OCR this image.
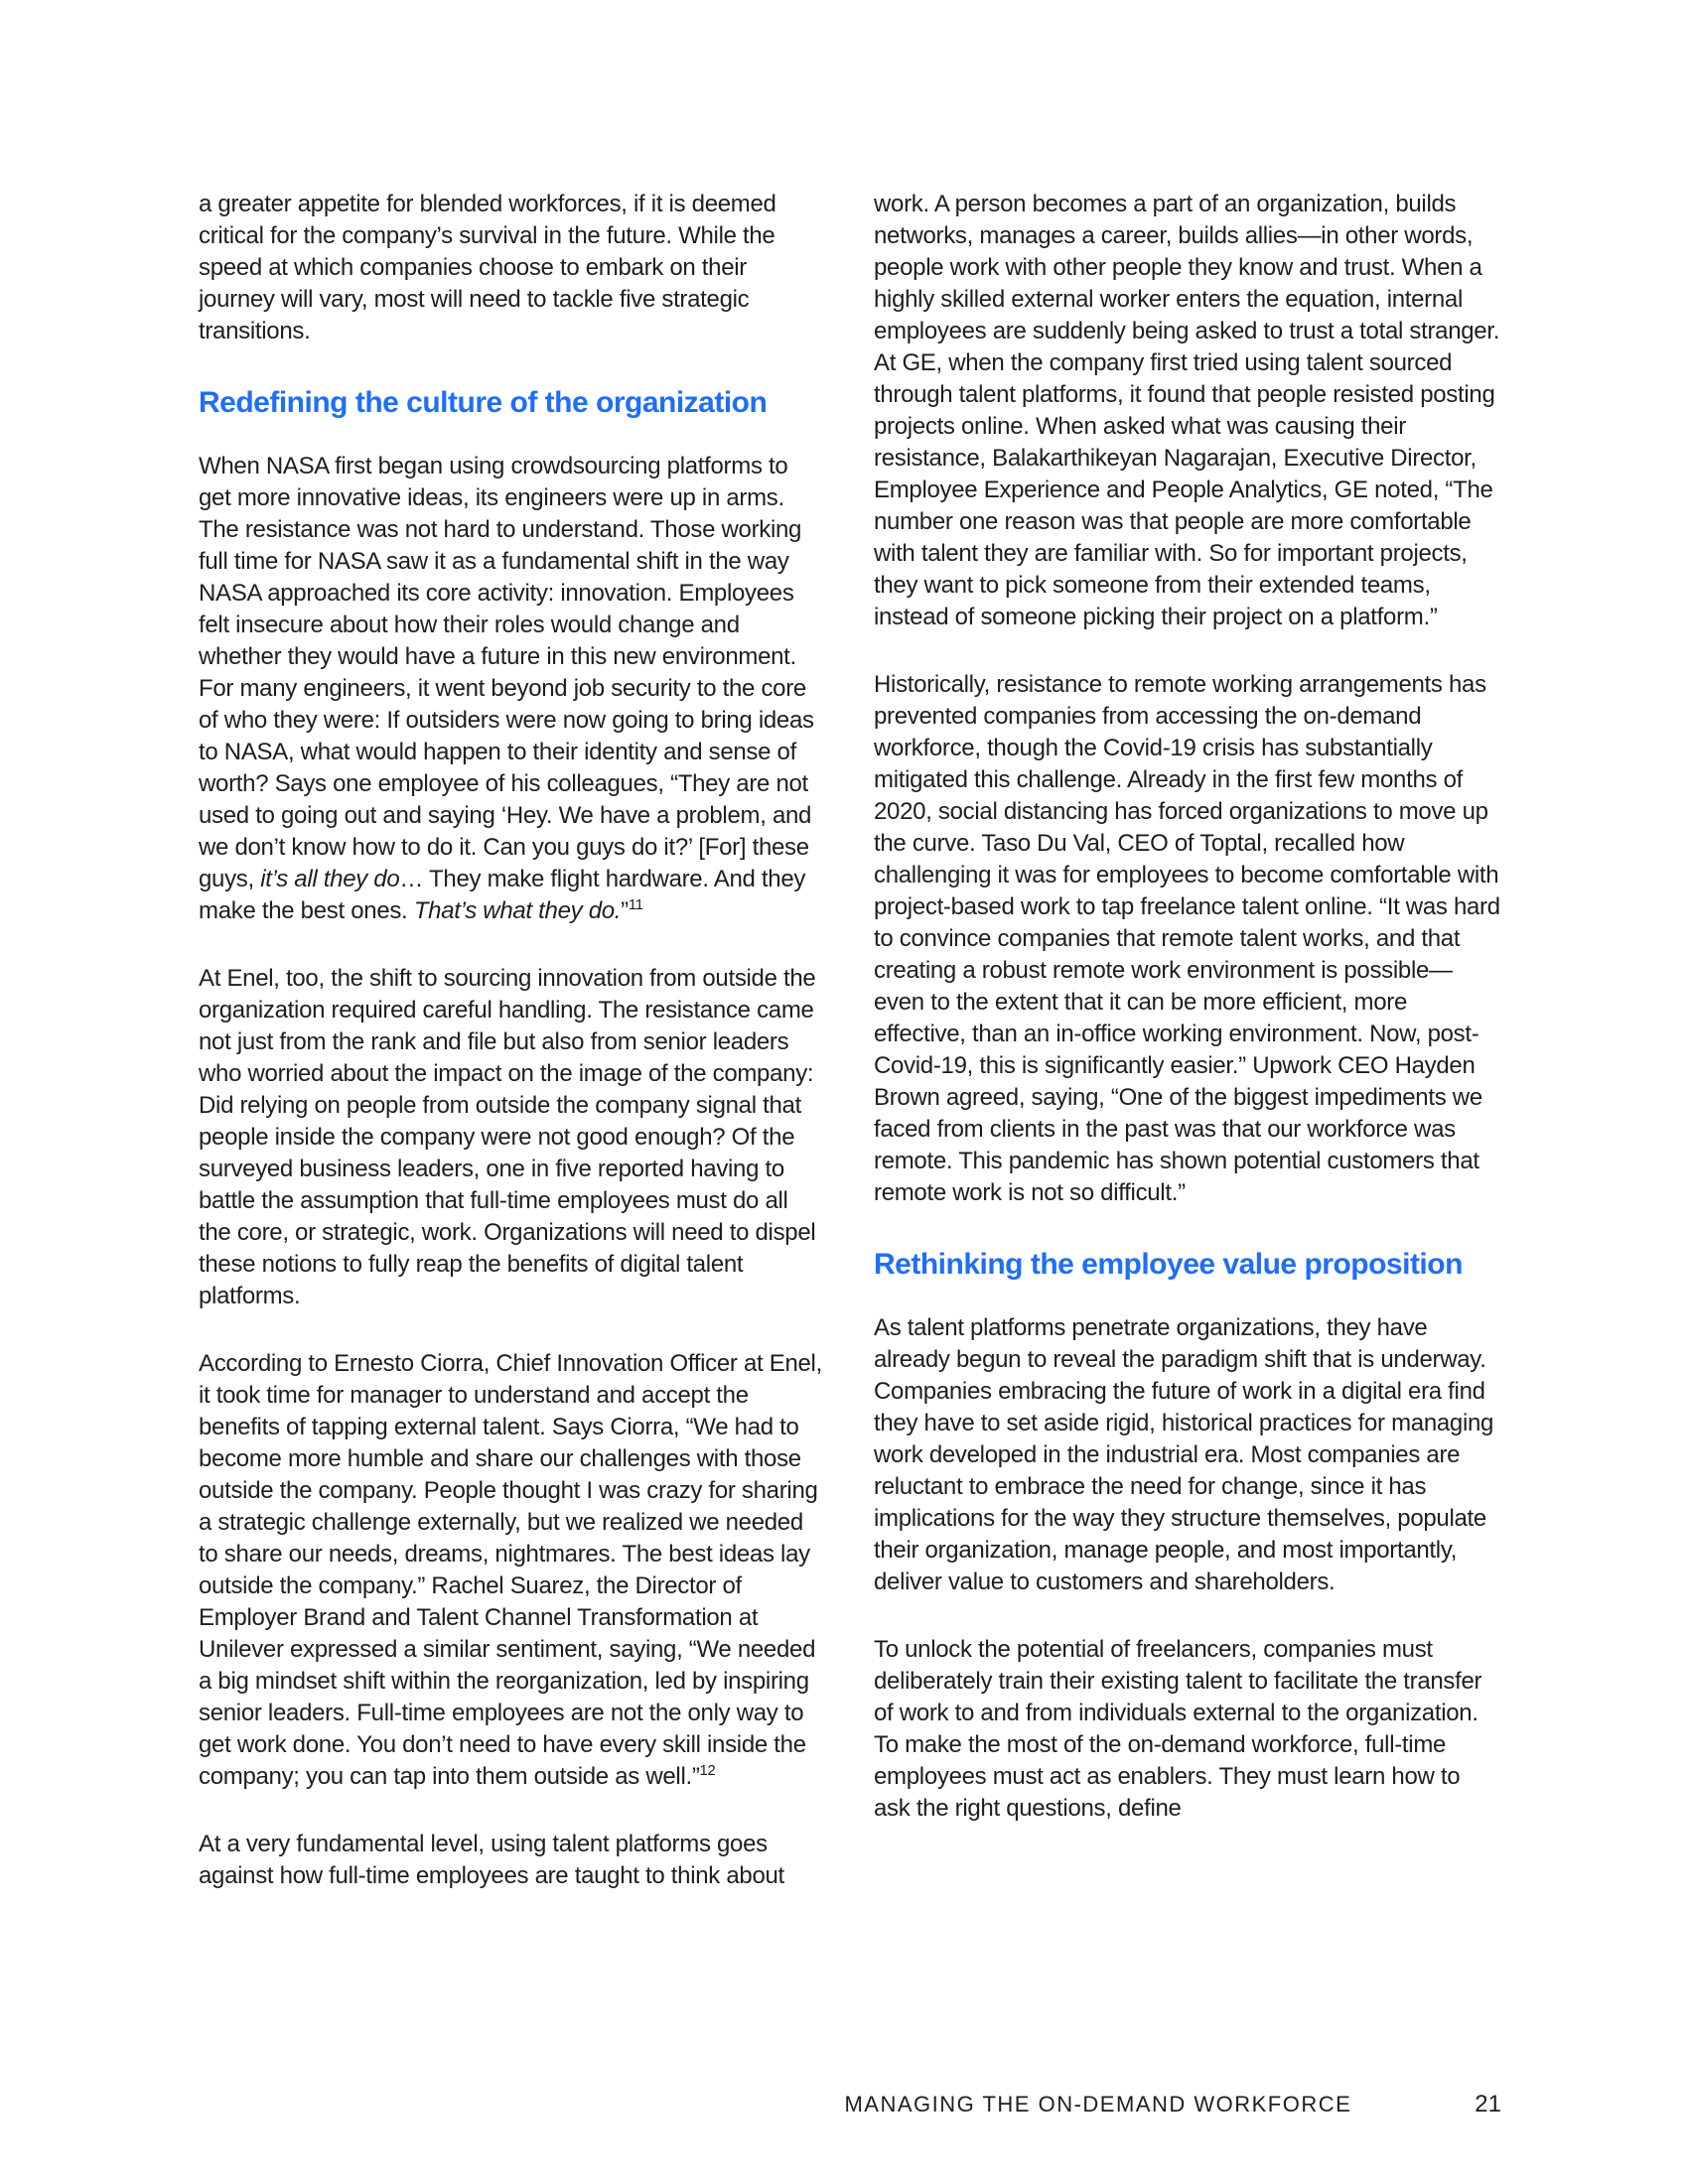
a greater appetite for blended workforces, if it is deemed critical for the company’s survival in the future. While the speed at which companies choose to embark on their journey will vary, most will need to tackle five strategic transitions.

Redefining the culture of the organization

When NASA first began using crowdsourcing platforms to get more innovative ideas, its engineers were up in arms. The resistance was not hard to understand. Those working full time for NASA saw it as a fundamental shift in the way NASA approached its core activity: innovation. Employees felt insecure about how their roles would change and whether they would have a future in this new environment. For many engineers, it went beyond job security to the core of who they were: If outsiders were now going to bring ideas to NASA, what would happen to their identity and sense of worth? Says one employee of his colleagues, “They are not used to going out and saying ‘Hey. We have a problem, and we don’t know how to do it. Can you guys do it?’ [For] these guys, it’s all they do… They make flight hardware. And they make the best ones. That’s what they do.”$^{11}$

At Enel, too, the shift to sourcing innovation from outside the organization required careful handling. The resistance came not just from the rank and file but also from senior leaders who worried about the impact on the image of the company: Did relying on people from outside the company signal that people inside the company were not good enough? Of the surveyed business leaders, one in five reported having to battle the assumption that full-time employees must do all the core, or strategic, work. Organizations will need to dispel these notions to fully reap the benefits of digital talent platforms.

According to Ernesto Ciorra, Chief Innovation Officer at Enel, it took time for manager to understand and accept the benefits of tapping external talent. Says Ciorra, “We had to become more humble and share our challenges with those outside the company. People thought I was crazy for sharing a strategic challenge externally, but we realized we needed to share our needs, dreams, nightmares. The best ideas lay outside the company.” Rachel Suarez, the Director of Employer Brand and Talent Channel Transformation at Unilever expressed a similar sentiment, saying, “We needed a big mindset shift within the reorganization, led by inspiring senior leaders. Full-time employees are not the only way to get work done. You don’t need to have every skill inside the company; you can tap into them outside as well.”$^{12}$

At a very fundamental level, using talent platforms goes against how full-time employees are taught to think about

work. A person becomes a part of an organization, builds networks, manages a career, builds allies—in other words, people work with other people they know and trust. When a highly skilled external worker enters the equation, internal employees are suddenly being asked to trust a total stranger. At GE, when the company first tried using talent sourced through talent platforms, it found that people resisted posting projects online. When asked what was causing their resistance, Balakarthikeyan Nagarajan, Executive Director, Employee Experience and People Analytics, GE noted, “The number one reason was that people are more comfortable with talent they are familiar with. So for important projects, they want to pick someone from their extended teams, instead of someone picking their project on a platform.”

Historically, resistance to remote working arrangements has prevented companies from accessing the on-demand workforce, though the Covid-19 crisis has substantially mitigated this challenge. Already in the first few months of 2020, social distancing has forced organizations to move up the curve. Taso Du Val, CEO of Toptal, recalled how challenging it was for employees to become comfortable with project-based work to tap freelance talent online. “It was hard to convince companies that remote talent works, and that creating a robust remote work environment is possible—even to the extent that it can be more efficient, more effective, than an in-office working environment. Now, post-Covid-19, this is significantly easier.” Upwork CEO Hayden Brown agreed, saying, “One of the biggest impediments we faced from clients in the past was that our workforce was remote. This pandemic has shown potential customers that remote work is not so difficult.”

Rethinking the employee value proposition

As talent platforms penetrate organizations, they have already begun to reveal the paradigm shift that is underway. Companies embracing the future of work in a digital era find they have to set aside rigid, historical practices for managing work developed in the industrial era. Most companies are reluctant to embrace the need for change, since it has implications for the way they structure themselves, populate their organization, manage people, and most importantly, deliver value to customers and shareholders.

To unlock the potential of freelancers, companies must deliberately train their existing talent to facilitate the transfer of work to and from individuals external to the organization. To make the most of the on-demand workforce, full-time employees must act as enablers. They must learn how to ask the right questions, define

MANAGING THE ON-DEMAND WORKFORCE	21
